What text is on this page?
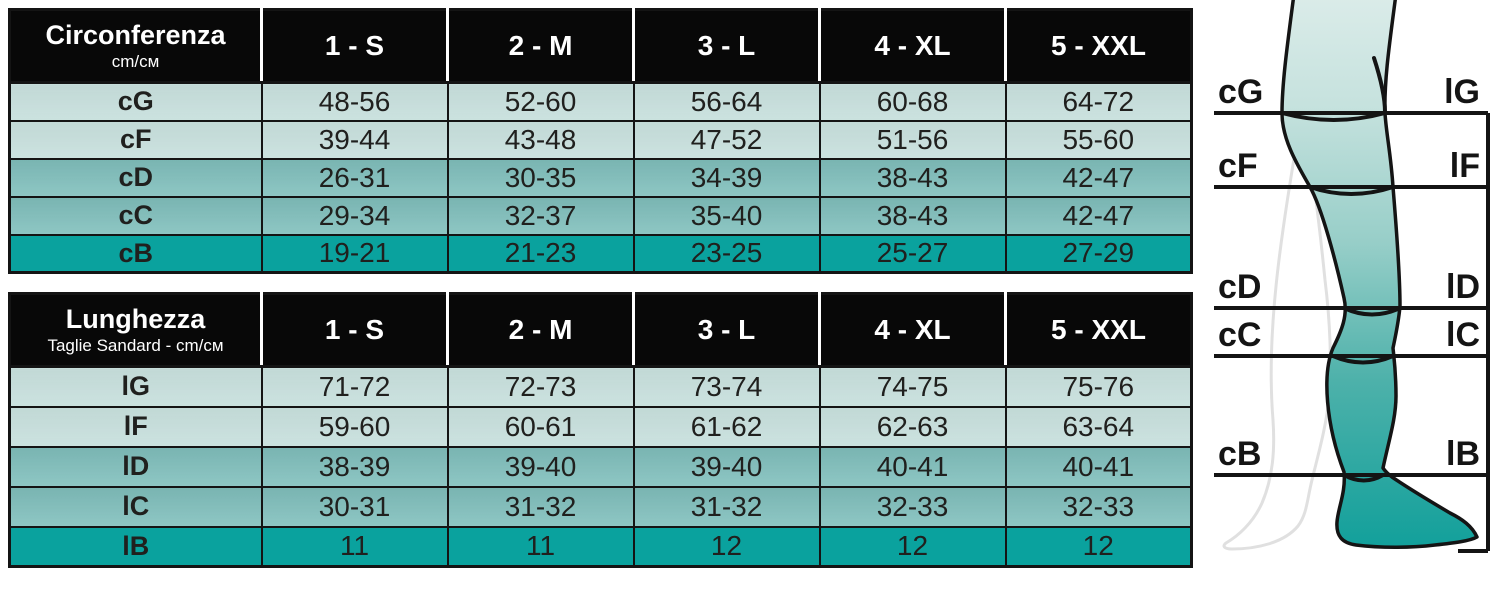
Circonferenza
cm/см	1 - S	2 - M	3 - L	4 - XL	5 - XXL
cG	48-56	52-60	56-64	60-68	64-72
cF	39-44	43-48	47-52	51-56	55-60
cD	26-31	30-35	34-39	38-43	42-47
cC	29-34	32-37	35-40	38-43	42-47
cB	19-21	21-23	23-25	25-27	27-29
Lunghezza
Taglie Sandard - cm/см	1 - S	2 - M	3 - L	4 - XL	5 - XXL
lG	71-72	72-73	73-74	74-75	75-76
lF	59-60	60-61	61-62	62-63	63-64
lD	38-39	39-40	39-40	40-41	40-41
lC	30-31	31-32	31-32	32-33	32-33
lB	11	11	12	12	12
cG
cF
cD
cC
cB
lG
lF
lD
lC
lB
